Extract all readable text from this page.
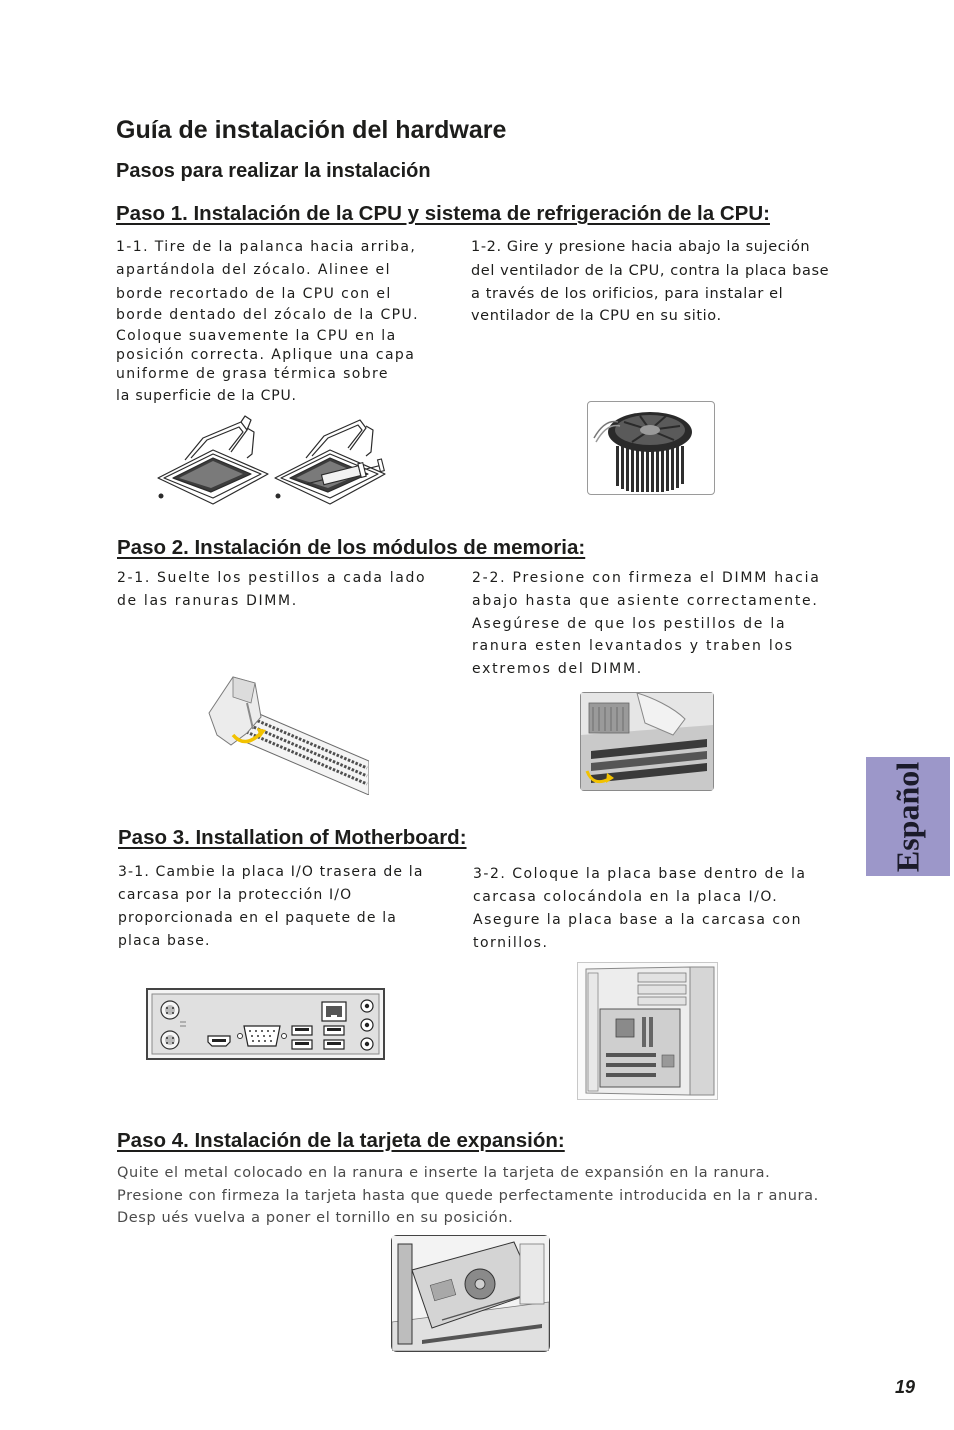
Guía de instalación del hardware
Pasos para realizar la instalación
Paso 1. Instalación de la CPU y sistema de refrigeración de la CPU:
1-1. Tire de la palanca hacia arriba,
apartándola del zócalo. Alinee el
borde recortado de la CPU con el
borde dentado del zócalo de la CPU.
Coloque suavemente la CPU en la
posición correcta. Aplique una capa
uniforme de grasa térmica sobre
la superficie de la CPU.
1-2. Gire y presione hacia abajo la sujeción
del ventilador de la CPU, contra la placa base
a través de los orificios, para instalar el
ventilador de la CPU en su sitio.
Paso 2. Instalación de los módulos de memoria:
2-1. Suelte los pestillos a cada lado
de las ranuras DIMM.
2-2. Presione con firmeza el DIMM hacia
abajo hasta que asiente correctamente.
Asegúrese de que los pestillos de la
ranura esten levantados y traben los
extremos del DIMM.
Paso 3. Installation of Motherboard:
3-1. Cambie la placa I/O trasera de la
carcasa por la protección I/O
proporcionada en el paquete de la
placa base.
3-2. Coloque la placa base dentro de la
carcasa colocándola en la placa I/O.
Asegure la placa base a la carcasa con
tornillos.
Paso 4. Instalación de la tarjeta de expansión:
Quite el metal colocado en la ranura e inserte la tarjeta de expansión en la ranura.
Presione con firmeza la tarjeta hasta que quede perfectamente introducida en la r anura.
Desp ués vuelva a poner el tornillo en su posición.
Español
19
